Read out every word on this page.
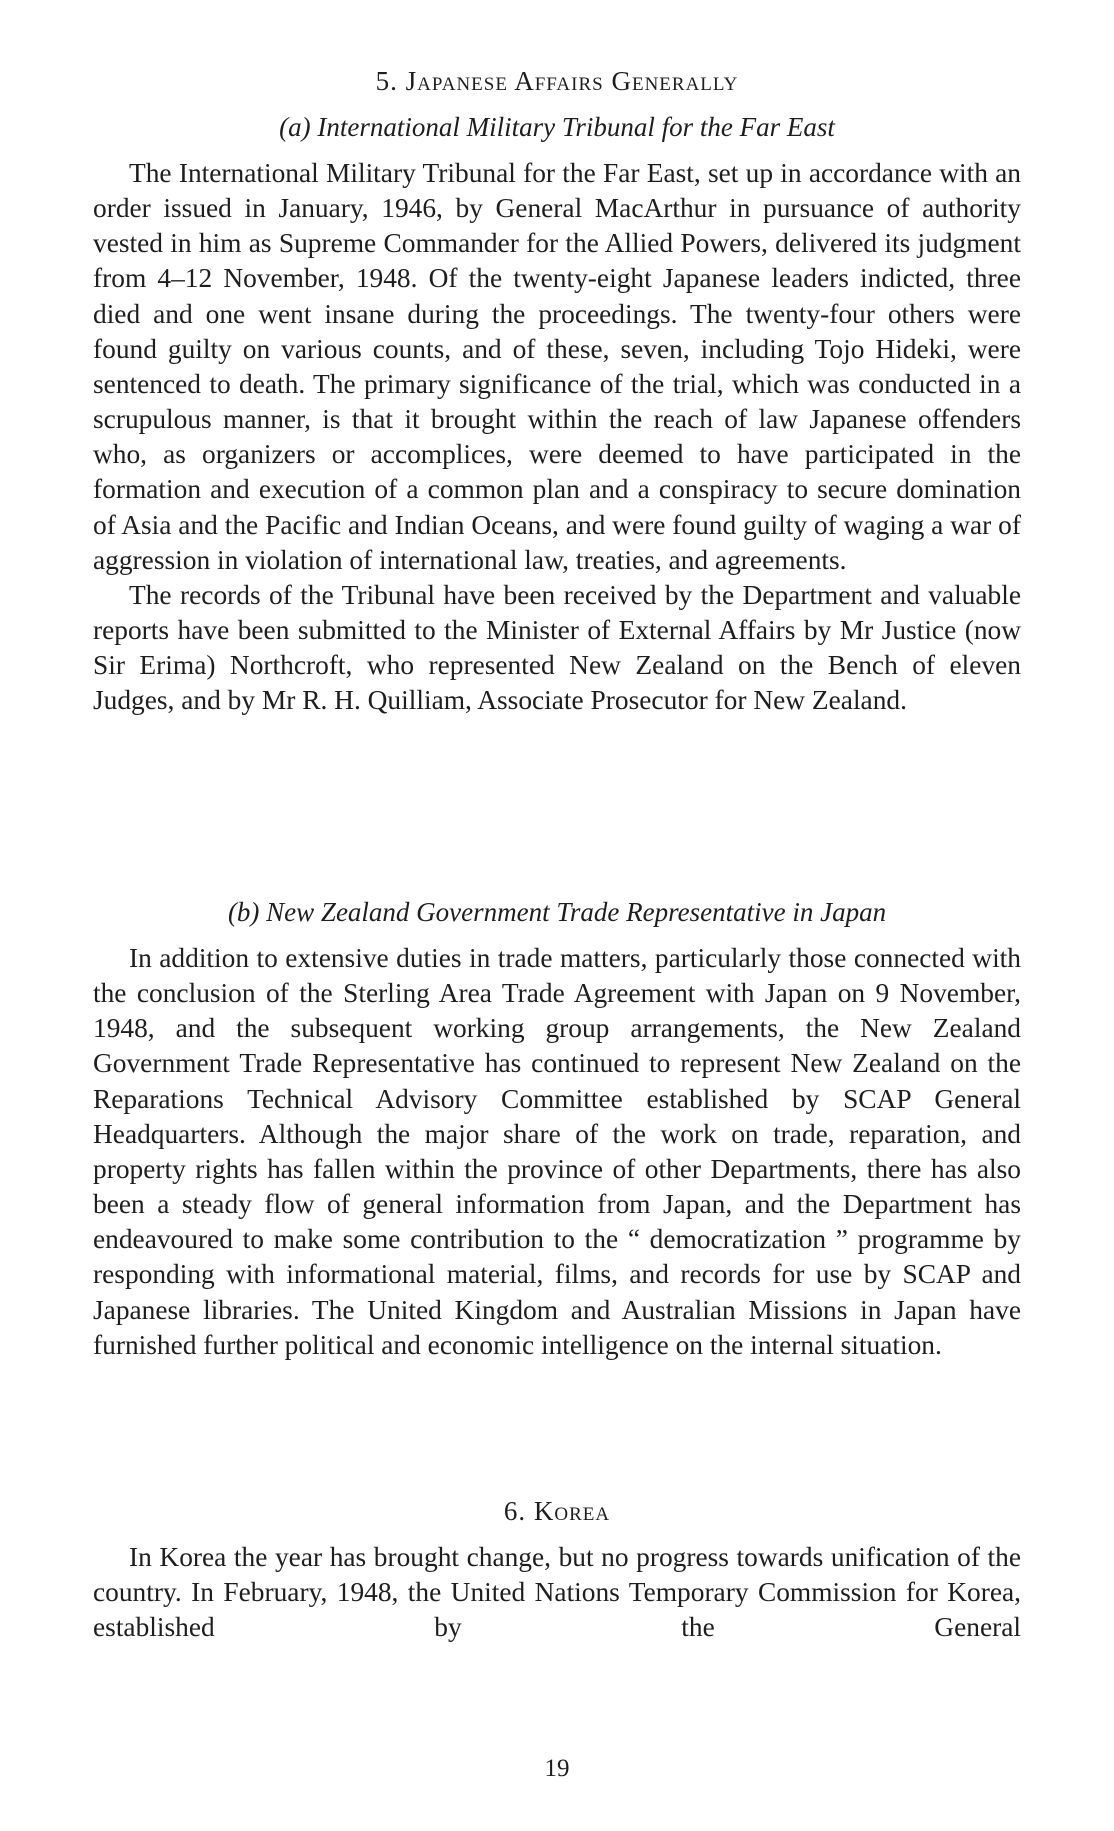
5. Japanese Affairs Generally
(a) International Military Tribunal for the Far East

The International Military Tribunal for the Far East, set up in accordance with an order issued in January, 1946, by General MacArthur in pursuance of authority vested in him as Supreme Commander for the Allied Powers, delivered its judgment from 4–12 November, 1948. Of the twenty-eight Japanese leaders indicted, three died and one went insane during the proceedings. The twenty-four others were found guilty on various counts, and of these, seven, including Tojo Hideki, were sentenced to death. The primary significance of the trial, which was conducted in a scrupulous manner, is that it brought within the reach of law Japanese offenders who, as organizers or accomplices, were deemed to have participated in the formation and execution of a common plan and a conspiracy to secure domination of Asia and the Pacific and Indian Oceans, and were found guilty of waging a war of aggression in violation of international law, treaties, and agreements.

The records of the Tribunal have been received by the Department and valuable reports have been submitted to the Minister of External Affairs by Mr Justice (now Sir Erima) Northcroft, who represented New Zealand on the Bench of eleven Judges, and by Mr R. H. Quilliam, Associate Prosecutor for New Zealand.

(b) New Zealand Government Trade Representative in Japan

In addition to extensive duties in trade matters, particularly those connected with the conclusion of the Sterling Area Trade Agreement with Japan on 9 November, 1948, and the subsequent working group arrangements, the New Zealand Government Trade Representative has continued to represent New Zealand on the Reparations Technical Advisory Committee established by SCAP General Headquarters. Although the major share of the work on trade, reparation, and property rights has fallen within the province of other Departments, there has also been a steady flow of general information from Japan, and the Department has endeavoured to make some contribution to the “ democratization ” programme by responding with informational material, films, and records for use by SCAP and Japanese libraries. The United Kingdom and Australian Missions in Japan have furnished further political and economic intelligence on the internal situation.

6. Korea

In Korea the year has brought change, but no progress towards unification of the country. In February, 1948, the United Nations Temporary Commission for Korea, established by the General

19
